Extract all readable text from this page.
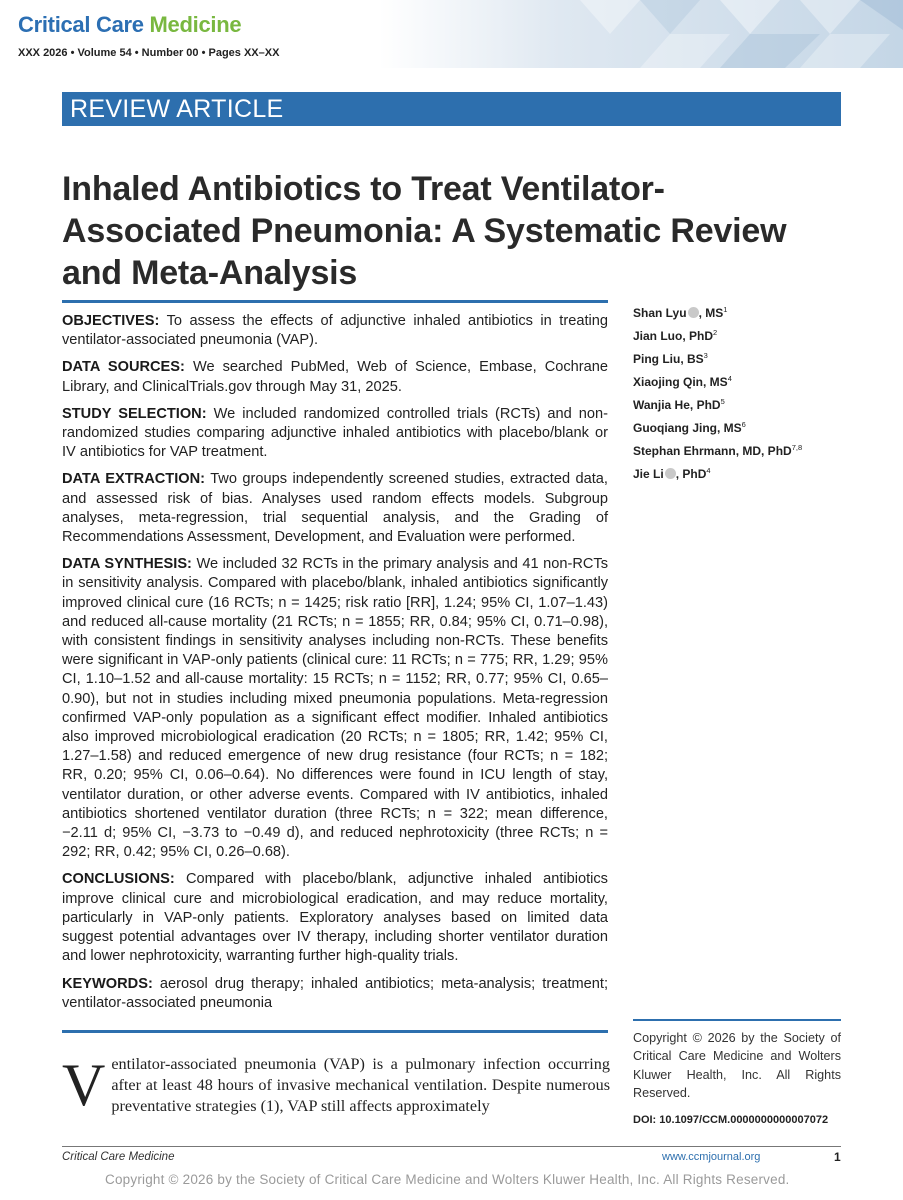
Critical Care Medicine
XXX 2026 • Volume 54 • Number 00 • Pages XX–XX
REVIEW ARTICLE
Inhaled Antibiotics to Treat Ventilator-Associated Pneumonia: A Systematic Review and Meta-Analysis

OBJECTIVES: To assess the effects of adjunctive inhaled antibiotics in treating ventilator-associated pneumonia (VAP).

DATA SOURCES: We searched PubMed, Web of Science, Embase, Cochrane Library, and ClinicalTrials.gov through May 31, 2025.

STUDY SELECTION: We included randomized controlled trials (RCTs) and non-randomized studies comparing adjunctive inhaled antibiotics with placebo/blank or IV antibiotics for VAP treatment.

DATA EXTRACTION: Two groups independently screened studies, extracted data, and assessed risk of bias. Analyses used random effects models. Subgroup analyses, meta-regression, trial sequential analysis, and the Grading of Recommendations Assessment, Development, and Evaluation were performed.

DATA SYNTHESIS: We included 32 RCTs in the primary analysis and 41 non-RCTs in sensitivity analysis. Compared with placebo/blank, inhaled antibiotics significantly improved clinical cure (16 RCTs; n = 1425; risk ratio [RR], 1.24; 95% CI, 1.07–1.43) and reduced all-cause mortality (21 RCTs; n = 1855; RR, 0.84; 95% CI, 0.71–0.98), with consistent findings in sensitivity analyses including non-RCTs. These benefits were significant in VAP-only patients (clinical cure: 11 RCTs; n = 775; RR, 1.29; 95% CI, 1.10–1.52 and all-cause mortality: 15 RCTs; n = 1152; RR, 0.77; 95% CI, 0.65–0.90), but not in studies including mixed pneumonia populations. Meta-regression confirmed VAP-only population as a significant effect modifier. Inhaled antibiotics also improved microbiological eradication (20 RCTs; n = 1805; RR, 1.42; 95% CI, 1.27–1.58) and reduced emergence of new drug resistance (four RCTs; n = 182; RR, 0.20; 95% CI, 0.06–0.64). No differences were found in ICU length of stay, ventilator duration, or other adverse events. Compared with IV antibiotics, inhaled antibiotics shortened ventilator duration (three RCTs; n = 322; mean difference, −2.11 d; 95% CI, −3.73 to −0.49 d), and reduced nephrotoxicity (three RCTs; n = 292; RR, 0.42; 95% CI, 0.26–0.68).

CONCLUSIONS: Compared with placebo/blank, adjunctive inhaled antibiotics improve clinical cure and microbiological eradication, and may reduce mortality, particularly in VAP-only patients. Exploratory analyses based on limited data suggest potential advantages over IV therapy, including shorter ventilator duration and lower nephrotoxicity, warranting further high-quality trials.

KEYWORDS: aerosol drug therapy; inhaled antibiotics; meta-analysis; treatment; ventilator-associated pneumonia

Shan Lyu , $MS^1$
Jian Luo, PhD$^2$
Ping Liu, $BS^3$
Xiaojing Qin, $MS^4$
Wanjia He, PhD$^5$
Guoqiang Jing, $MS^6$
Stephan Ehrmann, MD, PhD$^{7,8}$
Jie Li , PhD$^4$
Copyright © 2026 by the Society of Critical Care Medicine and Wolters Kluwer Health, Inc. All Rights Reserved.
DOI: 10.1097/CCM.0000000000007072
Ventilator-associated pneumonia (VAP) is a pulmonary infection occurring after at least 48 hours of invasive mechanical ventilation. Despite numerous preventative strategies (1), VAP still affects approximately
Critical Care Medicine	www.ccmjournal.org	1
Copyright © 2026 by the Society of Critical Care Medicine and Wolters Kluwer Health, Inc. All Rights Reserved.
